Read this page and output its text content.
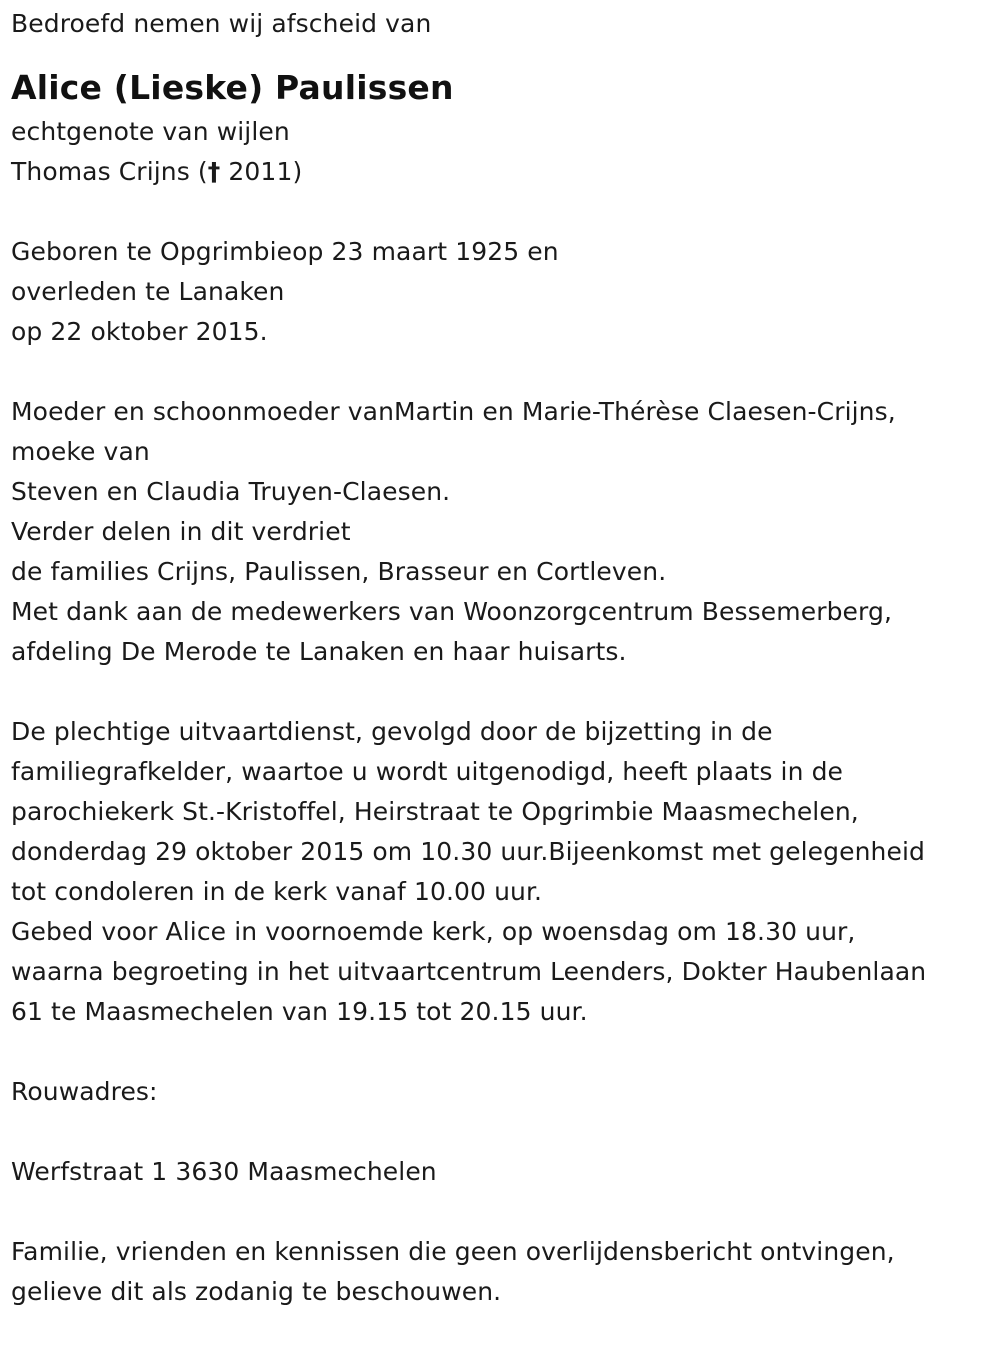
Bedroefd nemen wij afscheid van
Alice (Lieske) Paulissen
echtgenote van wijlen
Thomas Crijns († 2011)
Geboren te Opgrimbieop 23 maart 1925 en
overleden te Lanaken
op 22 oktober 2015.
Moeder en schoonmoeder vanMartin en Marie-Thérèse Claesen-Crijns,
moeke van
Steven en Claudia Truyen-Claesen.
Verder delen in dit verdriet
de families Crijns, Paulissen, Brasseur en Cortleven.
Met dank aan de medewerkers van Woonzorgcentrum Bessemerberg,
afdeling De Merode te Lanaken en haar huisarts.
De plechtige uitvaartdienst, gevolgd door de bijzetting in de
familiegrafkelder, waartoe u wordt uitgenodigd, heeft plaats in de
parochiekerk St.-Kristoffel, Heirstraat te Opgrimbie Maasmechelen,
donderdag 29 oktober 2015 om 10.30 uur.Bijeenkomst met gelegenheid
tot condoleren in de kerk vanaf 10.00 uur.
Gebed voor Alice in voornoemde kerk, op woensdag om 18.30 uur,
waarna begroeting in het uitvaartcentrum Leenders, Dokter Haubenlaan
61 te Maasmechelen van 19.15 tot 20.15 uur.
Rouwadres:
Werfstraat 1 3630 Maasmechelen
Familie, vrienden en kennissen die geen overlijdensbericht ontvingen,
gelieve dit als zodanig te beschouwen.
